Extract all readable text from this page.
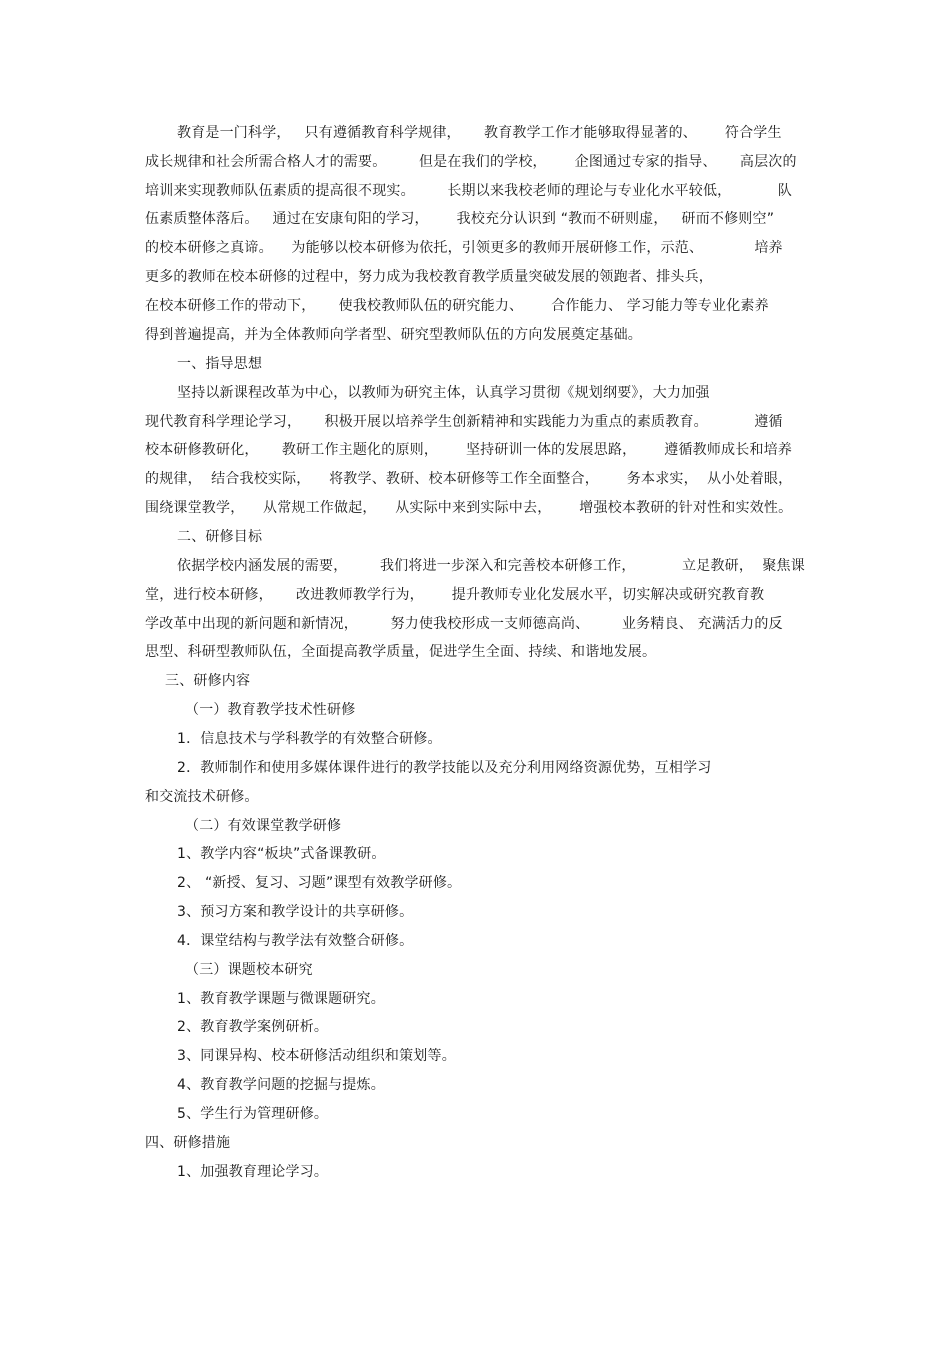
教育是一门科学，   只有遵循教育科学规律，     教育教学工作才能够取得显著的、      符合学生
成长规律和社会所需合格人才的需要。       但是在我们的学校，      企图通过专家的指导、     高层次的
培训来实现教师队伍素质的提高很不现实。       长期以来我校老师的理论与专业化水平较低，          队
伍素质整体落后。   通过在安康旬阳的学习，      我校充分认识到 “教而不研则虚，   研而不修则空”
的校本研修之真谛。    为能够以校本研修为依托，引领更多的教师开展研修工作，示范、           培养
更多的教师在校本研修的过程中，努力成为我校教育教学质量突破发展的领跑者、排头兵，
在校本研修工作的带动下，     使我校教师队伍的研究能力、      合作能力、 学习能力等专业化素养
得到普遍提高，并为全体教师向学者型、研究型教师队伍的方向发展奠定基础。
一、指导思想
坚持以新课程改革为中心，以教师为研究主体，认真学习贯彻《规划纲要》，大力加强
现代教育科学理论学习，     积极开展以培养学生创新精神和实践能力为重点的素质教育。          遵循
校本研修教研化，     教研工作主题化的原则，      坚持研训一体的发展思路，      遵循教师成长和培养
的规律，  结合我校实际，    将教学、教研、校本研修等工作全面整合，      务本求实，  从小处着眼，
围绕课堂教学，    从常规工作做起，    从实际中来到实际中去，      增强校本教研的针对性和实效性。
二、研修目标
依据学校内涵发展的需要，       我们将进一步深入和完善校本研修工作，          立足教研，  聚焦课
堂，进行校本研修，     改进教师教学行为，      提升教师专业化发展水平，切实解决或研究教育教
学改革中出现的新问题和新情况，       努力使我校形成一支师德高尚、       业务精良、 充满活力的反
思型、科研型教师队伍，全面提高教学质量，促进学生全面、持续、和谐地发展。
三、研修内容
（一）教育教学技术性研修
1．信息技术与学科教学的有效整合研修。
2．教师制作和使用多媒体课件进行的教学技能以及充分利用网络资源优势，互相学习
和交流技术研修。
（二）有效课堂教学研修
1、教学内容“板块”式备课教研。
2、 “新授、复习、习题”课型有效教学研修。
3、预习方案和教学设计的共享研修。
4．课堂结构与教学法有效整合研修。
（三）课题校本研究
1、教育教学课题与微课题研究。
2、教育教学案例研析。
3、同课异构、校本研修活动组织和策划等。
4、教育教学问题的挖掘与提炼。
5、学生行为管理研修。
四、研修措施
1、加强教育理论学习。
